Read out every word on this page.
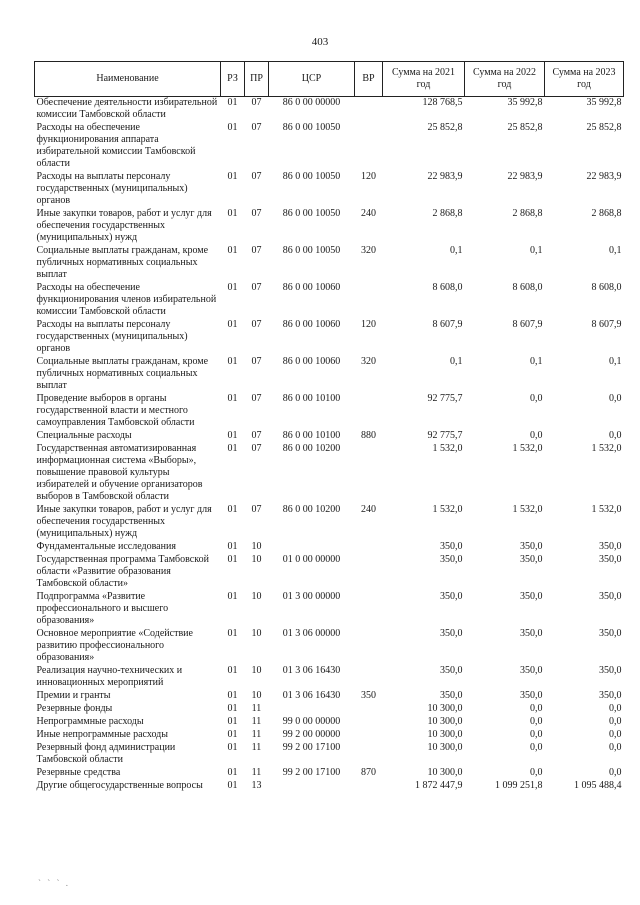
403
Наименование	РЗ	ПР	ЦСР	ВР	Сумма на 2021 год	Сумма на 2022 год	Сумма на 2023 год
Обеспечение деятельности избирательной комиссии Тамбовской области	01	07	86 0 00 00000		128 768,5	35 992,8	35 992,8
Расходы на обеспечение функционирования аппарата избирательной комиссии Тамбовской области	01	07	86 0 00 10050		25 852,8	25 852,8	25 852,8
Расходы на выплаты персоналу государственных (муниципальных) органов	01	07	86 0 00 10050	120	22 983,9	22 983,9	22 983,9
Иные закупки товаров, работ и услуг для обеспечения государственных (муниципальных) нужд	01	07	86 0 00 10050	240	2 868,8	2 868,8	2 868,8
Социальные выплаты гражданам, кроме публичных нормативных социальных выплат	01	07	86 0 00 10050	320	0,1	0,1	0,1
Расходы на обеспечение функционирования членов избирательной комиссии Тамбовской области	01	07	86 0 00 10060		8 608,0	8 608,0	8 608,0
Расходы на выплаты персоналу государственных (муниципальных) органов	01	07	86 0 00 10060	120	8 607,9	8 607,9	8 607,9
Социальные выплаты гражданам, кроме публичных нормативных социальных выплат	01	07	86 0 00 10060	320	0,1	0,1	0,1
Проведение выборов в органы государственной власти и местного самоуправления Тамбовской области	01	07	86 0 00 10100		92 775,7	0,0	0,0
Специальные расходы	01	07	86 0 00 10100	880	92 775,7	0,0	0,0
Государственная автоматизированная информационная система «Выборы», повышение правовой культуры избирателей и обучение организаторов выборов в Тамбовской области	01	07	86 0 00 10200		1 532,0	1 532,0	1 532,0
Иные закупки товаров, работ и услуг для обеспечения государственных (муниципальных) нужд	01	07	86 0 00 10200	240	1 532,0	1 532,0	1 532,0
Фундаментальные исследования	01	10			350,0	350,0	350,0
Государственная программа Тамбовской области «Развитие образования Тамбовской области»	01	10	01 0 00 00000		350,0	350,0	350,0
Подпрограмма «Развитие профессионального и высшего образования»	01	10	01 3 00 00000		350,0	350,0	350,0
Основное мероприятие «Содействие развитию профессионального образования»	01	10	01 3 06 00000		350,0	350,0	350,0
Реализация научно-технических и инновационных мероприятий	01	10	01 3 06 16430		350,0	350,0	350,0
Премии и гранты	01	10	01 3 06 16430	350	350,0	350,0	350,0
Резервные фонды	01	11			10 300,0	0,0	0,0
Непрограммные расходы	01	11	99 0 00 00000		10 300,0	0,0	0,0
Иные непрограммные расходы	01	11	99 2 00 00000		10 300,0	0,0	0,0
Резервный фонд администрации Тамбовской области	01	11	99 2 00 17100		10 300,0	0,0	0,0
Резервные средства	01	11	99 2 00 17100	870	10 300,0	0,0	0,0
Другие общегосударственные вопросы	01	13			1 872 447,9	1 099 251,8	1 095 488,4
` ` ` .
